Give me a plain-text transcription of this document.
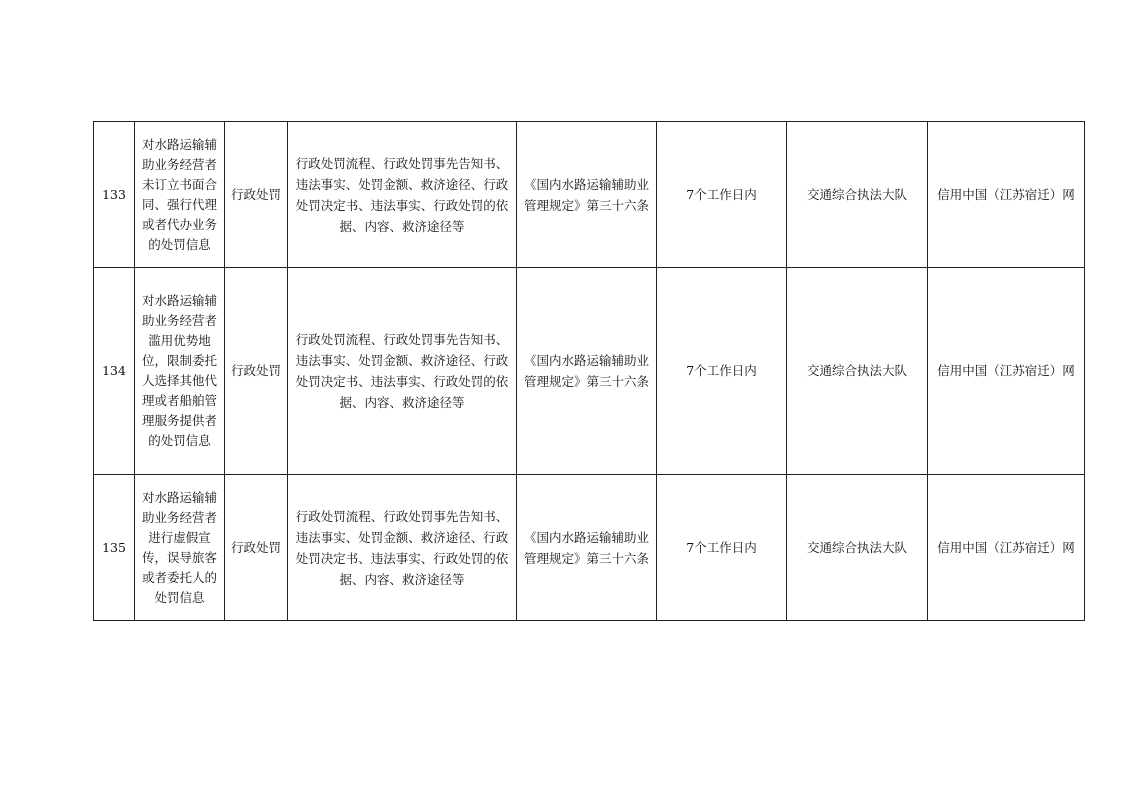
133	对水路运输辅助业务经营者未订立书面合同、强行代理或者代办业务的处罚信息	行政处罚	行政处罚流程、行政处罚事先告知书、违法事实、处罚金额、救济途径、行政处罚决定书、违法事实、行政处罚的依据、内容、救济途径等	《国内水路运输辅助业管理规定》第三十六条	7个工作日内	交通综合执法大队	信用中国（江苏宿迁）网
134	对水路运输辅助业务经营者滥用优势地位，限制委托人选择其他代理或者船舶管理服务提供者的处罚信息	行政处罚	行政处罚流程、行政处罚事先告知书、违法事实、处罚金额、救济途径、行政处罚决定书、违法事实、行政处罚的依据、内容、救济途径等	《国内水路运输辅助业管理规定》第三十六条	7个工作日内	交通综合执法大队	信用中国（江苏宿迁）网
135	对水路运输辅助业务经营者进行虚假宣传，误导旅客或者委托人的处罚信息	行政处罚	行政处罚流程、行政处罚事先告知书、违法事实、处罚金额、救济途径、行政处罚决定书、违法事实、行政处罚的依据、内容、救济途径等	《国内水路运输辅助业管理规定》第三十六条	7个工作日内	交通综合执法大队	信用中国（江苏宿迁）网
